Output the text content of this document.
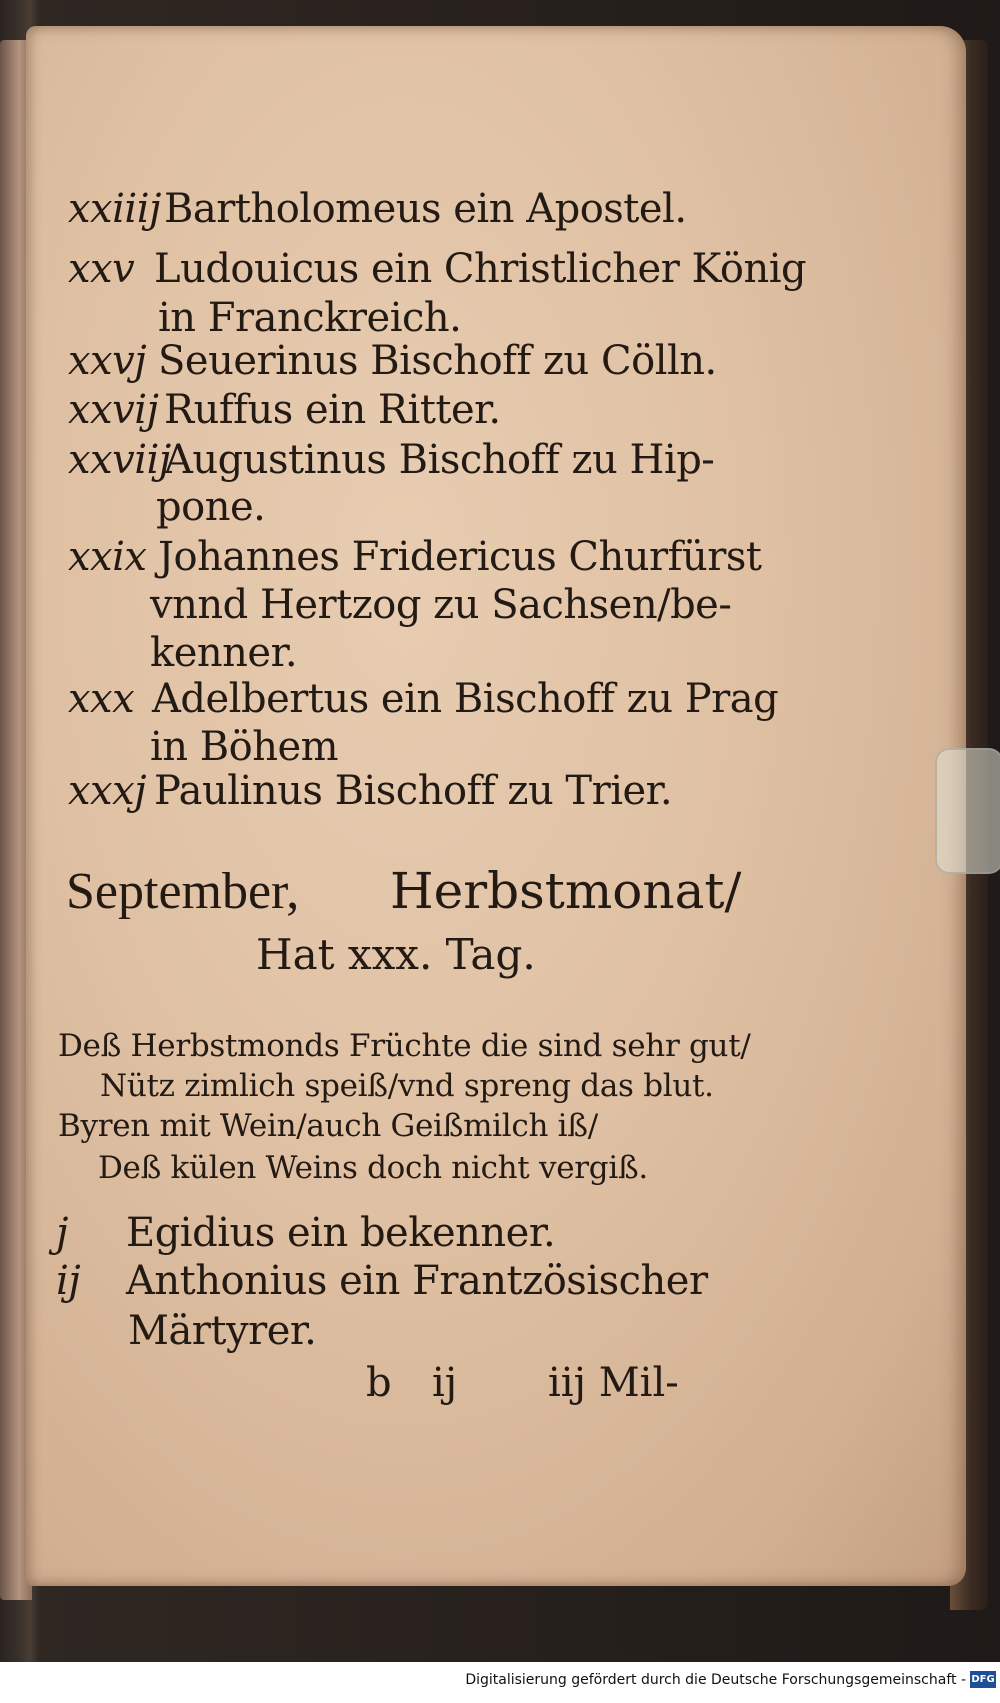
xxiiijBartholomeus ein Apostel.
xxv Ludouicus ein Christlicher König
in Franckreich.
xxvj Seuerinus Bischoff zu Cölln.
xxvij Ruffus ein Ritter.
xxviijAugustinus Bischoff zu Hip-
pone.
xxix Johannes Fridericus Churfürst
vnnd Hertzog zu Sachsen/be-
kenner.
xxx Adelbertus ein Bischoff zu Prag
in Böhem
xxxj Paulinus Bischoff zu Trier.
September, Herbstmonat/
Hat xxx. Tag.
Deß Herbstmonds Früchte die sind sehr gut/
Nütz zimlich speiß/vnd spreng das blut.
Byren mit Wein/auch Geißmilch iß/
Deß külen Weins doch nicht vergiß.
j Egidius ein bekenner.
ij Anthonius ein Frantzösischer
Märtyrer.
b ij iij Mil-
Digitalisierung gefördert durch die Deutsche Forschungsgemeinschaft - DFG
